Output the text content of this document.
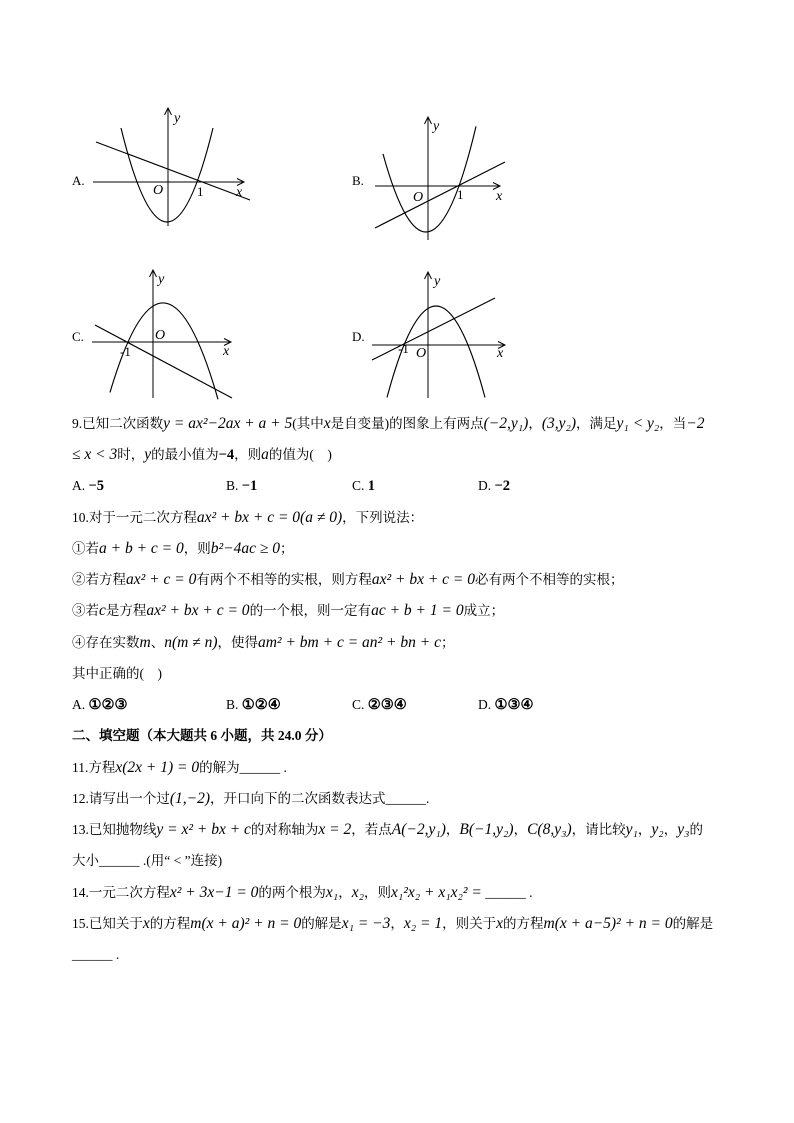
A.
y
x
O	1
B.
y
x
O	1
C.
y
x
O
-1
D.
y
x
O
-1
9.已知二次函数y = ax²−2ax + a + 5(其中x是自变量)的图象上有两点(−2,y₁)，(3,y₂)，满足y₁ < y₂，当−2
≤ x < 3时，y的最小值为−4，则a的值为(　)
A. −5	B. −1	C. 1	D. −2
10.对于一元二次方程ax² + bx + c = 0(a ≠ 0)，下列说法：
①若a + b + c = 0，则b²−4ac ≥ 0；
②若方程ax² + c = 0有两个不相等的实根，则方程ax² + bx + c = 0必有两个不相等的实根；
③若c是方程ax² + bx + c = 0的一个根，则一定有ac + b + 1 = 0成立；
④存在实数m、n(m ≠ n)，使得am² + bm + c = an² + bn + c；
其中正确的(　)
A. ①②③	B. ①②④	C. ②③④	D. ①③④
二、填空题（本大题共 6 小题，共 24.0 分）
11.方程x(2x + 1) = 0的解为______ .
12.请写出一个过(1,−2)，开口向下的二次函数表达式______.
13.已知抛物线y = x² + bx + c的对称轴为x = 2，若点A(−2,y₁)，B(−1,y₂)，C(8,y₃)，请比较y₁，y₂，y₃的
大小______ .(用“ < ”连接)
14.一元二次方程x² + 3x−1 = 0的两个根为x₁，x₂，则x₁²x₂ + x₁x₂² = ______ .
15.已知关于x的方程m(x + a)² + n = 0的解是x₁ = −3，x₂ = 1，则关于x的方程m(x + a−5)² + n = 0的解是
______ .
